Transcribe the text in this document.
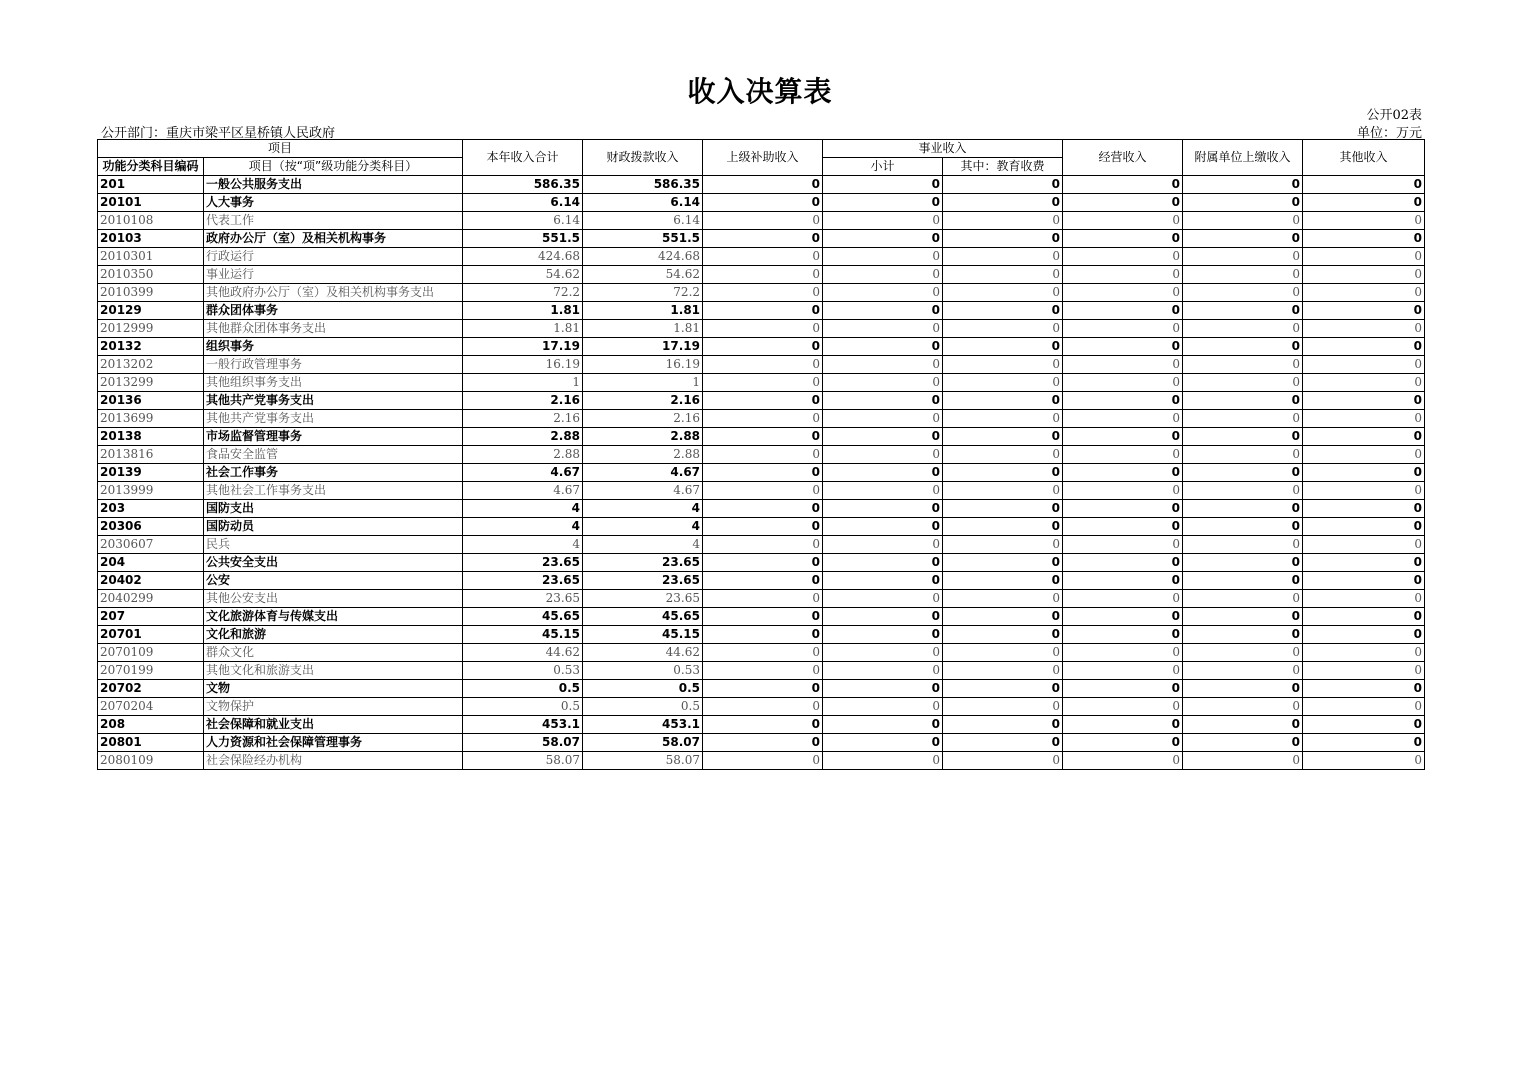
收入决算表
公开02表
公开部门：重庆市梁平区星桥镇人民政府	单位：万元
项目		本年收入合计	财政拨款收入	上级补助收入	事业收入		经营收入	附属单位上缴收入	其他收入
功能分类科目编码	项目（按“项”级功能分类科目）				小计	其中：教育收费			
201	一般公共服务支出	586.35	586.35	0	0	0	0	0	0
20101	人大事务	6.14	6.14	0	0	0	0	0	0
2010108	代表工作	6.14	6.14	0	0	0	0	0	0
20103	政府办公厅（室）及相关机构事务	551.5	551.5	0	0	0	0	0	0
2010301	行政运行	424.68	424.68	0	0	0	0	0	0
2010350	事业运行	54.62	54.62	0	0	0	0	0	0
2010399	其他政府办公厅（室）及相关机构事务支出	72.2	72.2	0	0	0	0	0	0
20129	群众团体事务	1.81	1.81	0	0	0	0	0	0
2012999	其他群众团体事务支出	1.81	1.81	0	0	0	0	0	0
20132	组织事务	17.19	17.19	0	0	0	0	0	0
2013202	一般行政管理事务	16.19	16.19	0	0	0	0	0	0
2013299	其他组织事务支出	1	1	0	0	0	0	0	0
20136	其他共产党事务支出	2.16	2.16	0	0	0	0	0	0
2013699	其他共产党事务支出	2.16	2.16	0	0	0	0	0	0
20138	市场监督管理事务	2.88	2.88	0	0	0	0	0	0
2013816	食品安全监管	2.88	2.88	0	0	0	0	0	0
20139	社会工作事务	4.67	4.67	0	0	0	0	0	0
2013999	其他社会工作事务支出	4.67	4.67	0	0	0	0	0	0
203	国防支出	4	4	0	0	0	0	0	0
20306	国防动员	4	4	0	0	0	0	0	0
2030607	民兵	4	4	0	0	0	0	0	0
204	公共安全支出	23.65	23.65	0	0	0	0	0	0
20402	公安	23.65	23.65	0	0	0	0	0	0
2040299	其他公安支出	23.65	23.65	0	0	0	0	0	0
207	文化旅游体育与传媒支出	45.65	45.65	0	0	0	0	0	0
20701	文化和旅游	45.15	45.15	0	0	0	0	0	0
2070109	群众文化	44.62	44.62	0	0	0	0	0	0
2070199	其他文化和旅游支出	0.53	0.53	0	0	0	0	0	0
20702	文物	0.5	0.5	0	0	0	0	0	0
2070204	文物保护	0.5	0.5	0	0	0	0	0	0
208	社会保障和就业支出	453.1	453.1	0	0	0	0	0	0
20801	人力资源和社会保障管理事务	58.07	58.07	0	0	0	0	0	0
2080109	社会保险经办机构	58.07	58.07	0	0	0	0	0	0
